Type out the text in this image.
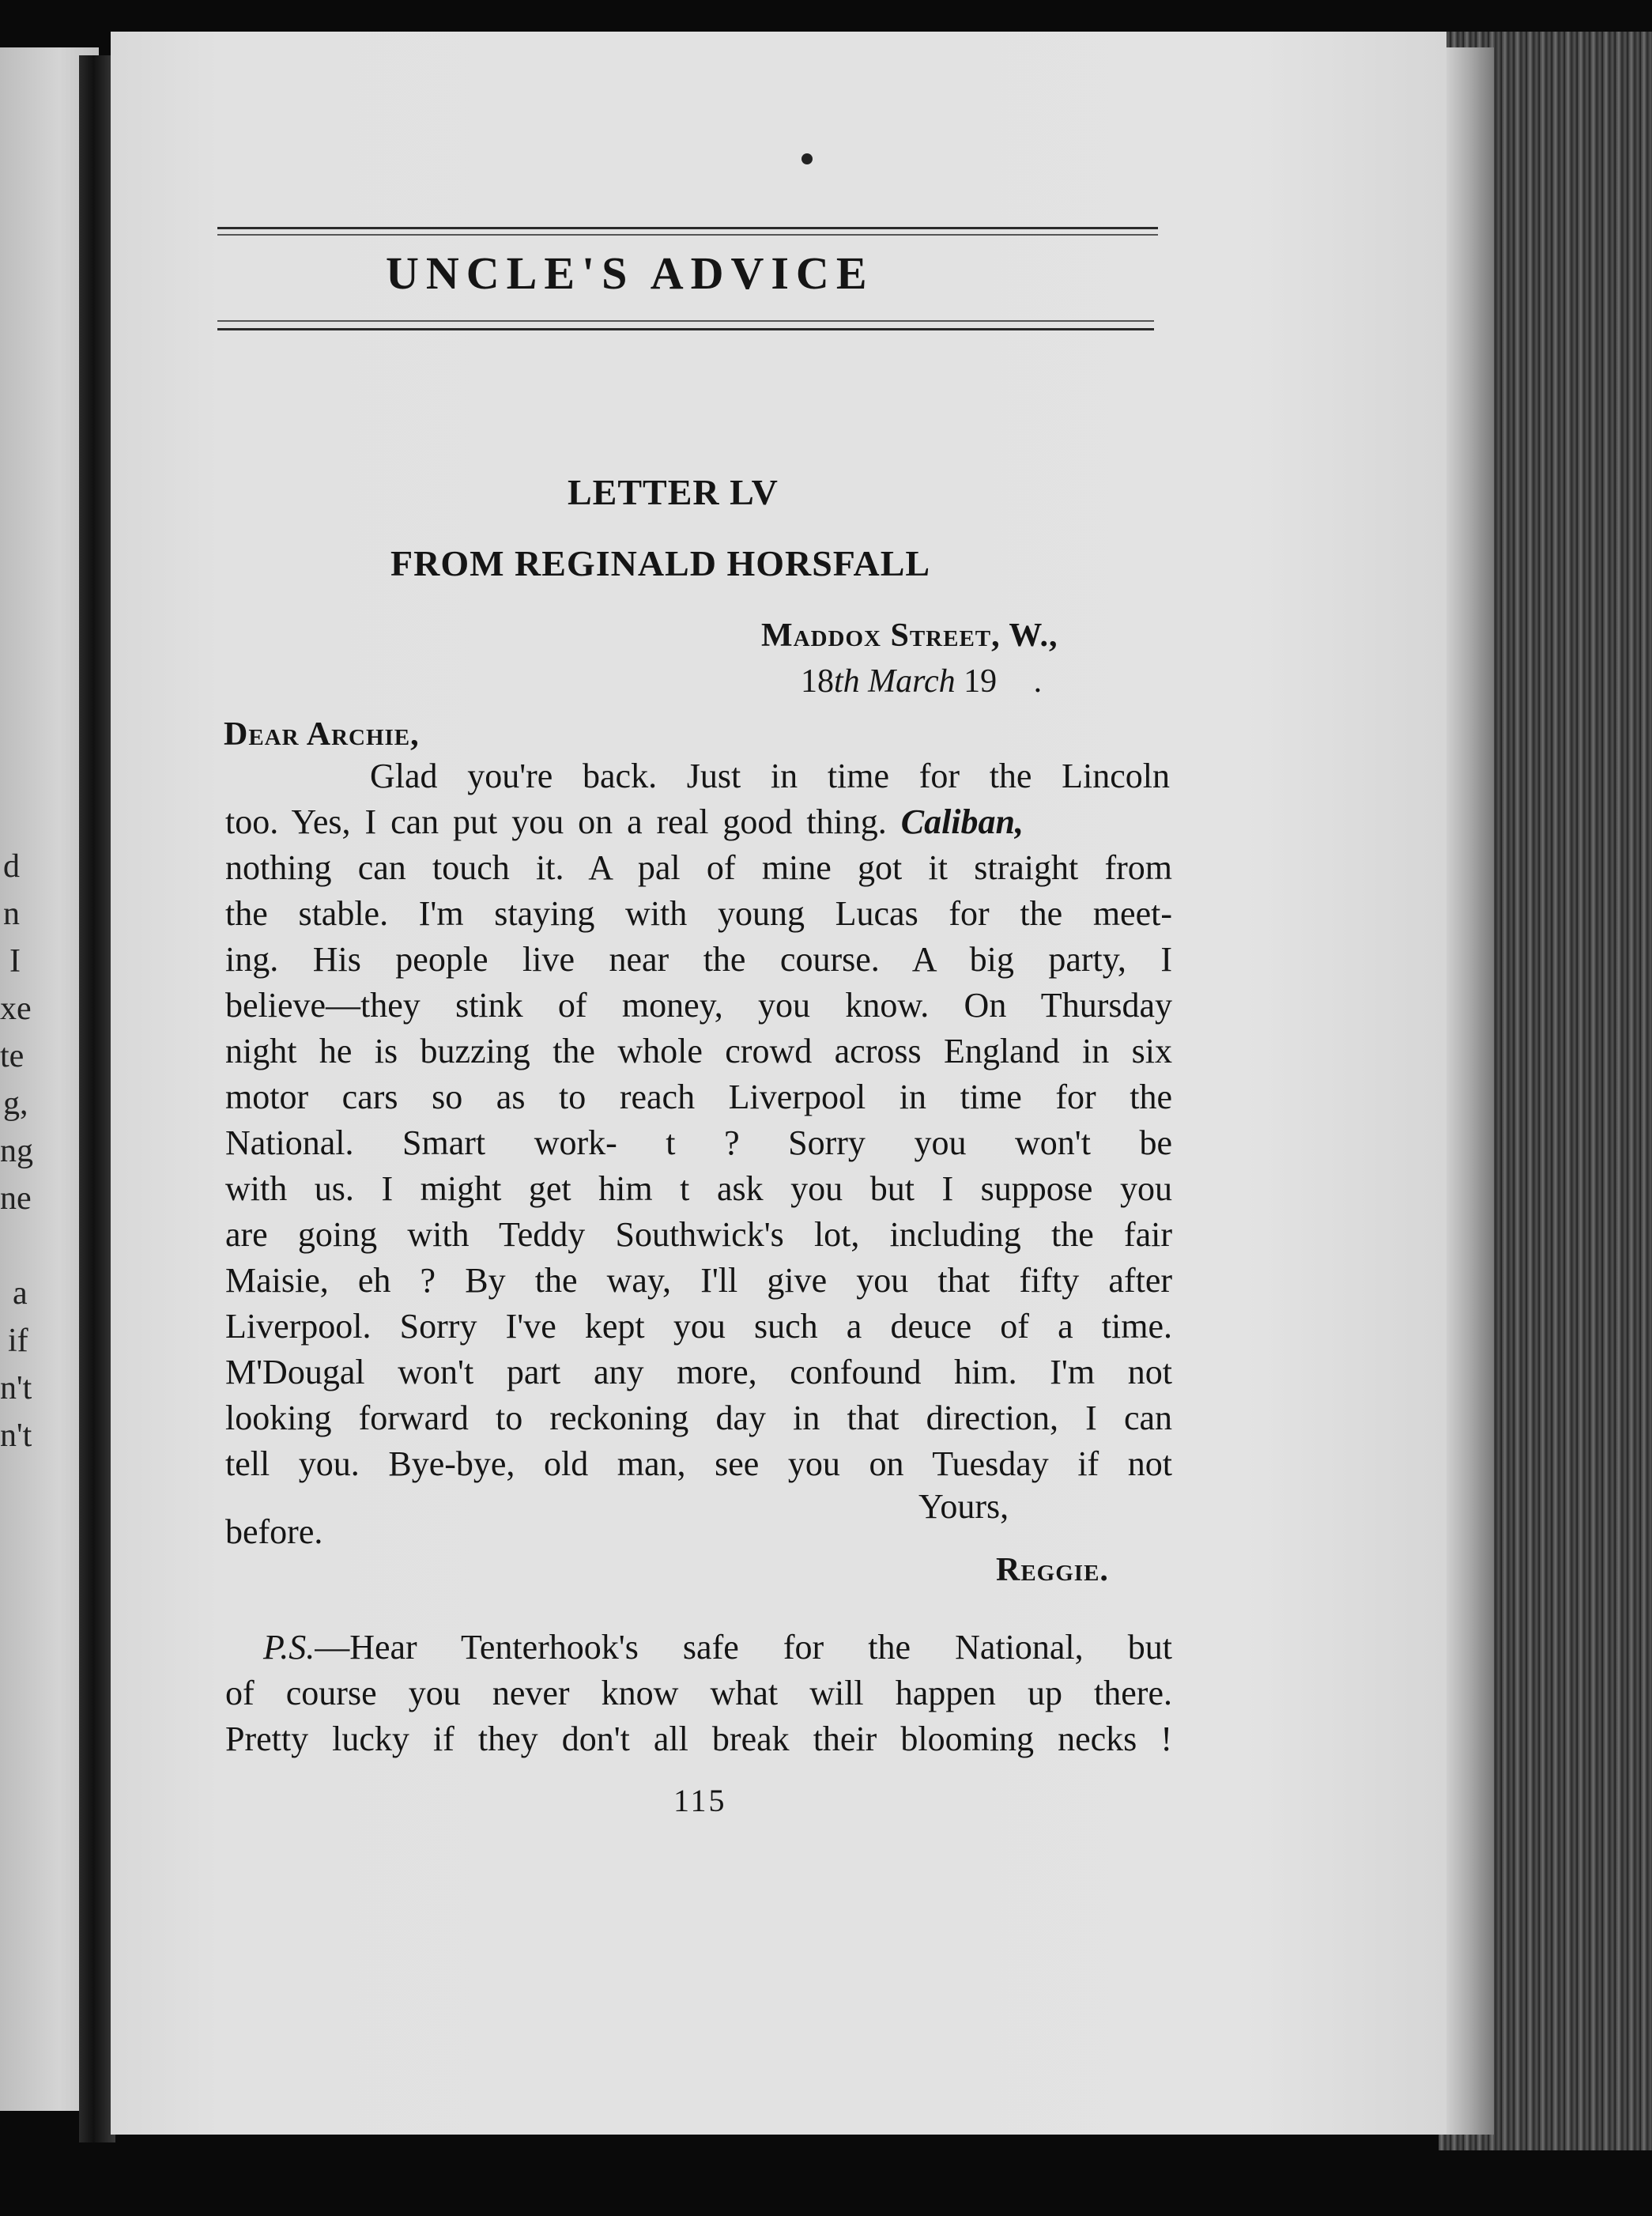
d
n
I
xe
te
g,
ng
ne
a
if
n't
n't
UNCLE'S ADVICE
LETTER LV
FROM REGINALD HORSFALL
Maddox Street, W.,
18th March 19 .
Dear Archie,
Glad you're back. Just in time for the Lincoln
too. Yes, I can put you on a real good thing. Caliban,
nothing can touch it. A pal of mine got it straight from
the stable. I'm staying with young Lucas for the meet-
ing. His people live near the course. A big party, I
believe—they stink of money, you know. On Thursday
night he is buzzing the whole crowd across England in six
motor cars so as to reach Liverpool in time for the
National. Smart work- t ? Sorry you won't be
with us. I might get him t ask you but I suppose you
are going with Teddy Southwick's lot, including the fair
Maisie, eh ? By the way, I'll give you that fifty after
Liverpool. Sorry I've kept you such a deuce of a time.
M'Dougal won't part any more, confound him. I'm not
looking forward to reckoning day in that direction, I can
tell you. Bye-bye, old man, see you on Tuesday if not
before.
Yours,
Reggie.
P.S.—Hear Tenterhook's safe for the National, but
of course you never know what will happen up there.
Pretty lucky if they don't all break their blooming necks !
115
